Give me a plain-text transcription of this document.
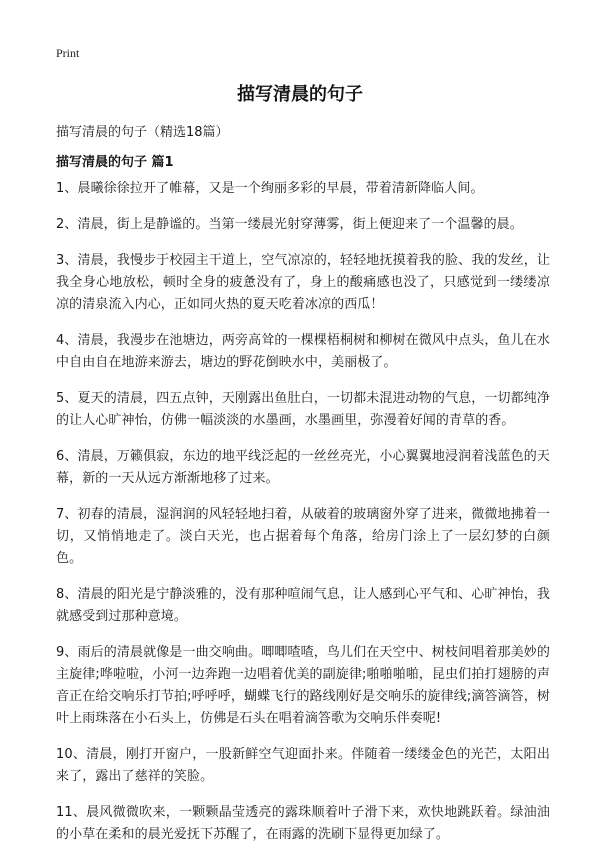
Print
描写清晨的句子
描写清晨的句子（精选18篇）
描写清晨的句子 篇1

1、晨曦徐徐拉开了帷幕，又是一个绚丽多彩的早晨，带着清新降临人间。

2、清晨，街上是静谧的。当第一缕晨光射穿薄雾，街上便迎来了一个温馨的晨。

3、清晨，我慢步于校园主干道上，空气凉凉的，轻轻地抚摸着我的脸、我的发丝，让我全身心地放松，顿时全身的疲惫没有了，身上的酸痛感也没了，只感觉到一缕缕凉凉的清泉流入内心，正如同火热的夏天吃着冰凉的西瓜！

4、清晨，我漫步在池塘边，两旁高耸的一棵棵梧桐树和柳树在微风中点头，鱼儿在水中自由自在地游来游去，塘边的野花倒映水中，美丽极了。

5、夏天的清晨，四五点钟，天刚露出鱼肚白，一切都未混进动物的气息，一切都纯净的让人心旷神怡，仿佛一幅淡淡的水墨画，水墨画里，弥漫着好闻的青草的香。

6、清晨，万籁俱寂，东边的地平线泛起的一丝丝亮光，小心翼翼地浸润着浅蓝色的天幕，新的一天从远方渐渐地移了过来。

7、初春的清晨，湿润润的风轻轻地扫着，从破着的玻璃窗外穿了进来，微微地拂着一切，又悄悄地走了。淡白天光，也占据着每个角落，给房门涂上了一层幻梦的白颜色。

8、清晨的阳光是宁静淡雅的，没有那种喧闹气息，让人感到心平气和、心旷神怡，我就感受到过那种意境。

9、雨后的清晨就像是一曲交响曲。唧唧喳喳，鸟儿们在天空中、树枝间唱着那美妙的主旋律;哗啦啦，小河一边奔跑一边唱着优美的副旋律;啪啪啪啪，昆虫们拍打翅膀的声音正在给交响乐打节拍;呼呼呼，蝴蝶飞行的路线刚好是交响乐的旋律线;滴答滴答，树叶上雨珠落在小石头上，仿佛是石头在唱着滴答歌为交响乐伴奏呢!

10、清晨，刚打开窗户，一股新鲜空气迎面扑来。伴随着一缕缕金色的光芒，太阳出来了，露出了慈祥的笑脸。

11、晨风微微吹来，一颗颗晶莹透亮的露珠顺着叶子滑下来，欢快地跳跃着。绿油油的小草在柔和的晨光爱抚下苏醒了，在雨露的洗刷下显得更加绿了。
